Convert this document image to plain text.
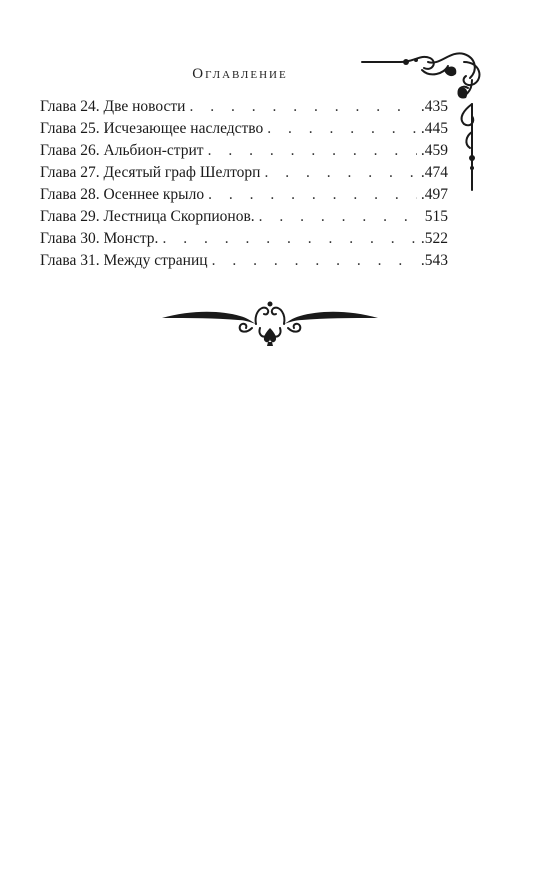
Оглавление
Глава 24. Две новости . . .	.435
Глава 25. Исчезающее наследство . . .	.445
Глава 26. Альбион-стрит . . .	.459
Глава 27. Десятый граф Шелторп . . .	.474
Глава 28. Осеннее крыло . . .	.497
Глава 29. Лестница Скорпионов. . . .	515
Глава 30. Монстр. . . .	.522
Глава 31. Между страниц . . .	.543
